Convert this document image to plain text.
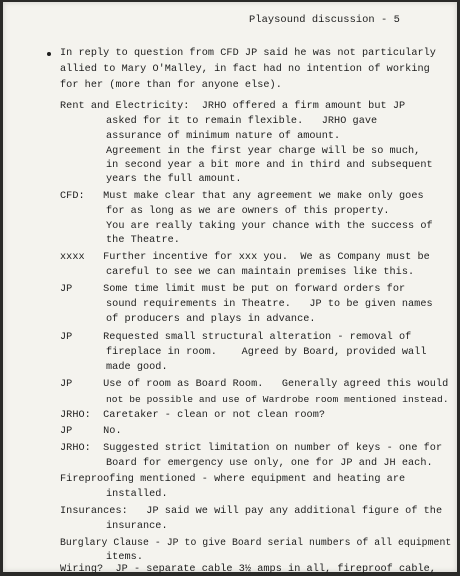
Playsound discussion - 5
In reply to question from CFD JP said he was not particularly
allied to Mary O'Malley, in fact had no intention of working
for her (more than for anyone else).
Rent and Electricity:  JRHO offered a firm amount but JP
asked for it to remain flexible.   JRHO gave
assurance of minimum nature of amount.
Agreement in the first year charge will be so much,
in second year a bit more and in third and subsequent
years the full amount.
CFD:   Must make clear that any agreement we make only goes
for as long as we are owners of this property.
You are really taking your chance with the success of
the Theatre.
xxxx   Further incentive for xxx you.  We as Company must be
careful to see we can maintain premises like this.
JP     Some time limit must be put on forward orders for
sound requirements in Theatre.   JP to be given names
of producers and plays in advance.
JP     Requested small structural alteration - removal of
fireplace in room.    Agreed by Board, provided wall
made good.
JP     Use of room as Board Room.   Generally agreed this would
not be possible and use of Wardrobe room mentioned instead.
JRHO:  Caretaker - clean or not clean room?
JP     No.
JRHO:  Suggested strict limitation on number of keys - one for
Board for emergency use only, one for JP and JH each.
Fireproofing mentioned - where equipment and heating are
installed.
Insurances:   JP said we will pay any additional figure of the
insurance.
Burglary Clause - JP to give Board serial numbers of all equipment
items.
Wiring?  JP - separate cable 3½ amps in all, fireproof cable,
